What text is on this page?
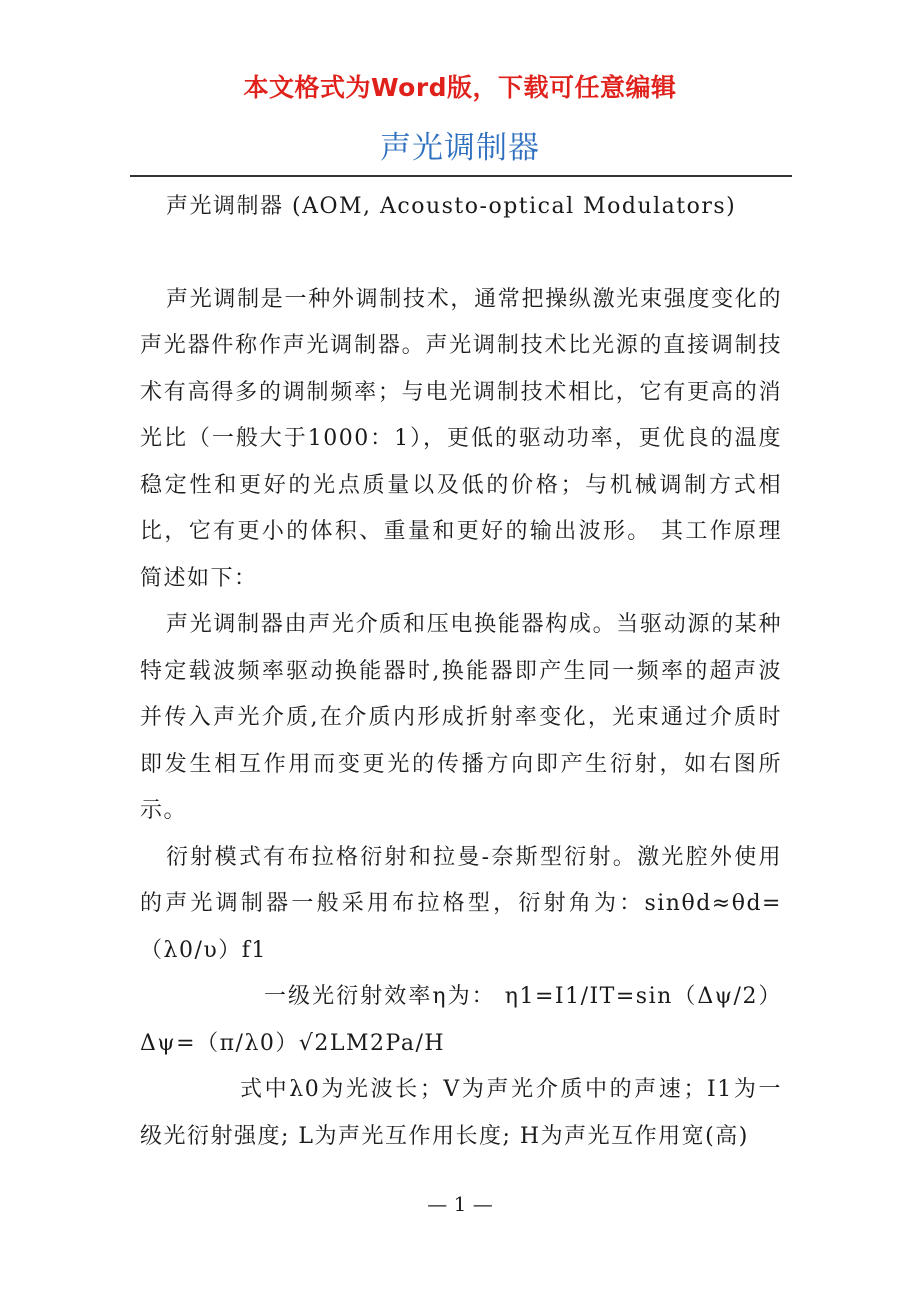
本文格式为Word版，下载可任意编辑
声光调制器

声光调制器 (AOM, Acousto-optical Modulators)

声光调制是一种外调制技术，通常把操纵激光束强度变化的声光器件称作声光调制器。声光调制技术比光源的直接调制技术有高得多的调制频率；与电光调制技术相比，它有更高的消光比（一般大于1000：1），更低的驱动功率，更优良的温度稳定性和更好的光点质量以及低的价格；与机械调制方式相比，它有更小的体积、重量和更好的输出波形。 其工作原理简述如下：

声光调制器由声光介质和压电换能器构成。当驱动源的某种特定载波频率驱动换能器时,换能器即产生同一频率的超声波并传入声光介质,在介质内形成折射率变化，光束通过介质时即发生相互作用而变更光的传播方向即产生衍射，如右图所示。

衍射模式有布拉格衍射和拉曼-奈斯型衍射。激光腔外使用的声光调制器一般采用布拉格型，衍射角为：sinθd≈θd=（λ0/υ）f1

一级光衍射效率η为： η1=I1/IT=sin（Δψ/2）Δψ=（π/λ0）√2LM2Pa/H

式中λ0为光波长；V为声光介质中的声速；I1为一级光衍射强度; L为声光互作用长度; H为声光互作用宽(高)

— 1 —
